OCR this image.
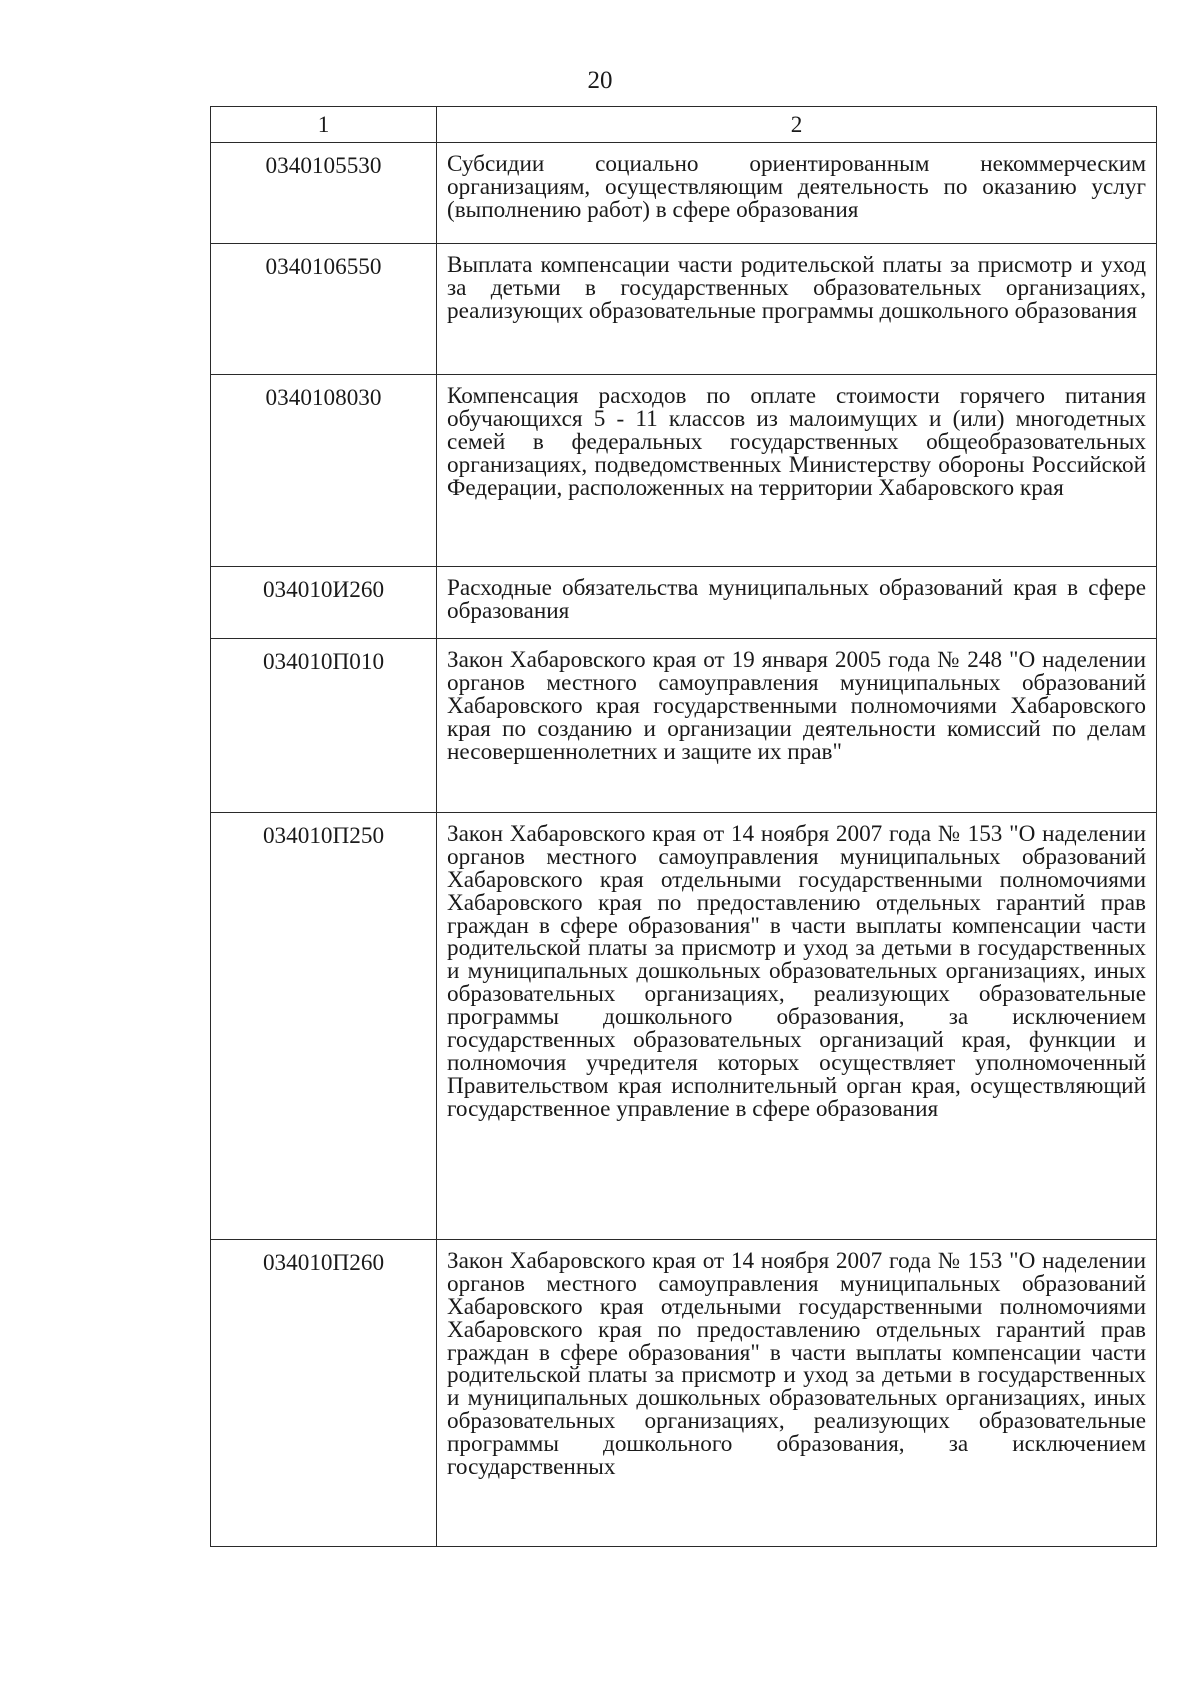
20
1	2
0340105530	Субсидии социально ориентированным некоммерческим организациям, осуществляющим деятельность по оказанию услуг (выполнению работ) в сфере образования
0340106550	Выплата компенсации части родительской платы за присмотр и уход за детьми в государственных образовательных организациях, реализующих образовательные программы дошкольного образования
0340108030	Компенсация расходов по оплате стоимости горячего питания обучающихся 5 - 11 классов из малоимущих и (или) многодетных семей в федеральных государственных общеобразовательных организациях, подведомственных Министерству обороны Российской Федерации, расположенных на территории Хабаровского края
034010И260	Расходные обязательства муниципальных образований края в сфере образования
034010П010	Закон Хабаровского края от 19 января 2005 года № 248 "О наделении органов местного самоуправления муниципальных образований Хабаровского края государственными полномочиями Хабаровского края по созданию и организации деятельности комиссий по делам несовершеннолетних и защите их прав"
034010П250	Закон Хабаровского края от 14 ноября 2007 года № 153 "О наделении органов местного самоуправления муниципальных образований Хабаровского края отдельными государственными полномочиями Хабаровского края по предоставлению отдельных гарантий прав граждан в сфере образования" в части выплаты компенсации части родительской платы за присмотр и уход за детьми в государственных и муниципальных дошкольных образовательных организациях, иных образовательных организациях, реализующих образовательные программы дошкольного образования, за исключением государственных образовательных организаций края, функции и полномочия учредителя которых осуществляет уполномоченный Правительством края исполнительный орган края, осуществляющий государственное управление в сфере образования
034010П260	Закон Хабаровского края от 14 ноября 2007 года № 153 "О наделении органов местного самоуправления муниципальных образований Хабаровского края отдельными государственными полномочиями Хабаровского края по предоставлению отдельных гарантий прав граждан в сфере образования" в части выплаты компенсации части родительской платы за присмотр и уход за детьми в государственных и муниципальных дошкольных образовательных организациях, иных образовательных организациях, реализующих образовательные программы дошкольного образования, за исключением государственных
